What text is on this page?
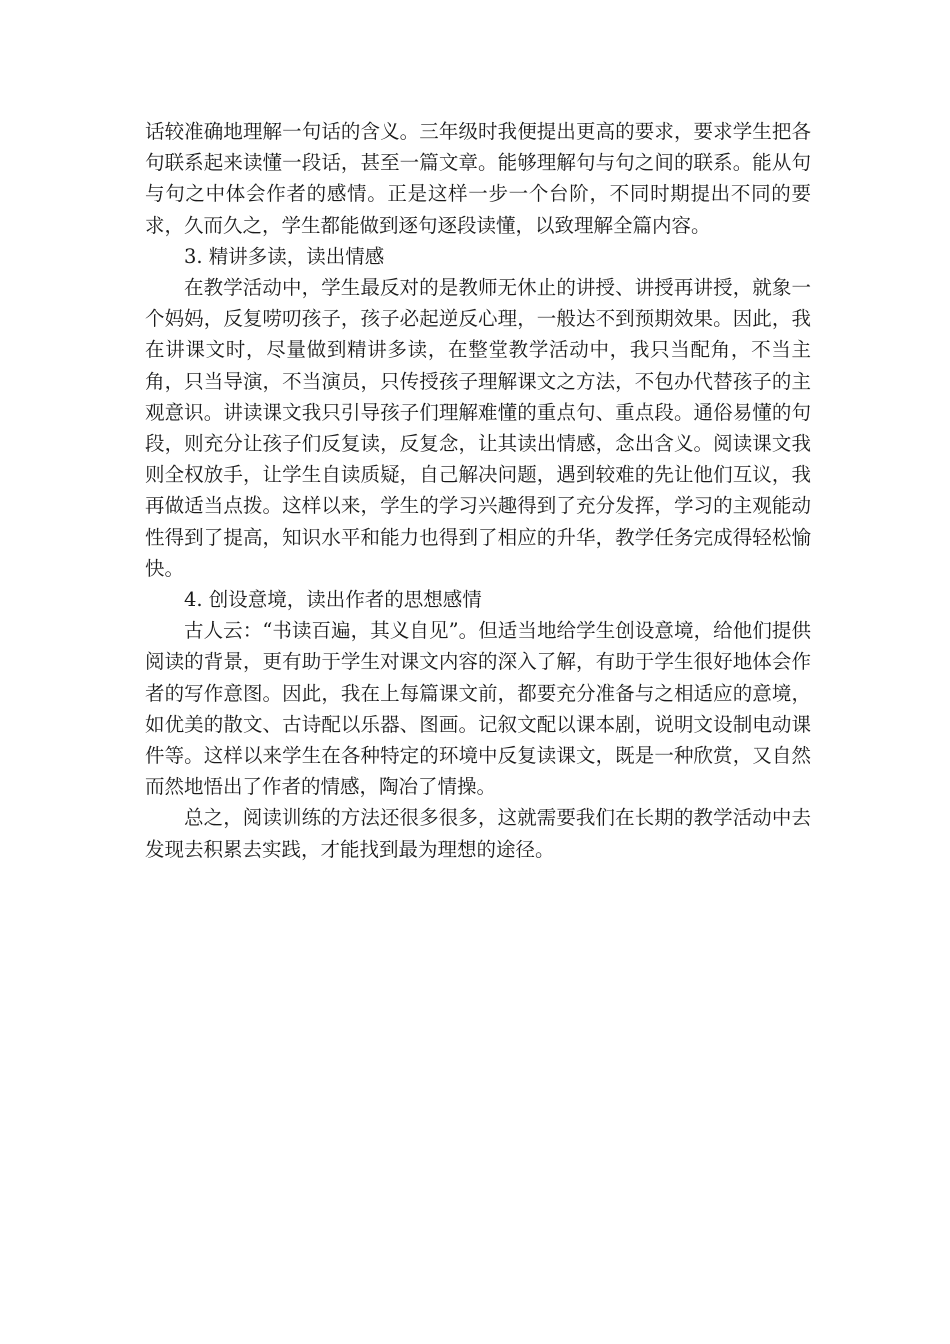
话较准确地理解一句话的含义。三年级时我便提出更高的要求，要求学生把各句联系起来读懂一段话，甚至一篇文章。能够理解句与句之间的联系。能从句与句之中体会作者的感情。正是这样一步一个台阶，不同时期提出不同的要求，久而久之，学生都能做到逐句逐段读懂，以致理解全篇内容。

3. 精讲多读，读出情感

在教学活动中，学生最反对的是教师无休止的讲授、讲授再讲授，就象一个妈妈，反复唠叨孩子，孩子必起逆反心理，一般达不到预期效果。因此，我在讲课文时，尽量做到精讲多读，在整堂教学活动中，我只当配角，不当主角，只当导演，不当演员，只传授孩子理解课文之方法，不包办代替孩子的主观意识。讲读课文我只引导孩子们理解难懂的重点句、重点段。通俗易懂的句段，则充分让孩子们反复读，反复念，让其读出情感，念出含义。阅读课文我则全权放手，让学生自读质疑，自己解决问题，遇到较难的先让他们互议，我再做适当点拨。这样以来，学生的学习兴趣得到了充分发挥，学习的主观能动性得到了提高，知识水平和能力也得到了相应的升华，教学任务完成得轻松愉快。

4. 创设意境，读出作者的思想感情

古人云：“书读百遍，其义自见”。但适当地给学生创设意境，给他们提供阅读的背景，更有助于学生对课文内容的深入了解，有助于学生很好地体会作者的写作意图。因此，我在上每篇课文前，都要充分准备与之相适应的意境，如优美的散文、古诗配以乐器、图画。记叙文配以课本剧，说明文设制电动课件等。这样以来学生在各种特定的环境中反复读课文，既是一种欣赏，又自然而然地悟出了作者的情感，陶冶了情操。

总之，阅读训练的方法还很多很多，这就需要我们在长期的教学活动中去发现去积累去实践，才能找到最为理想的途径。
